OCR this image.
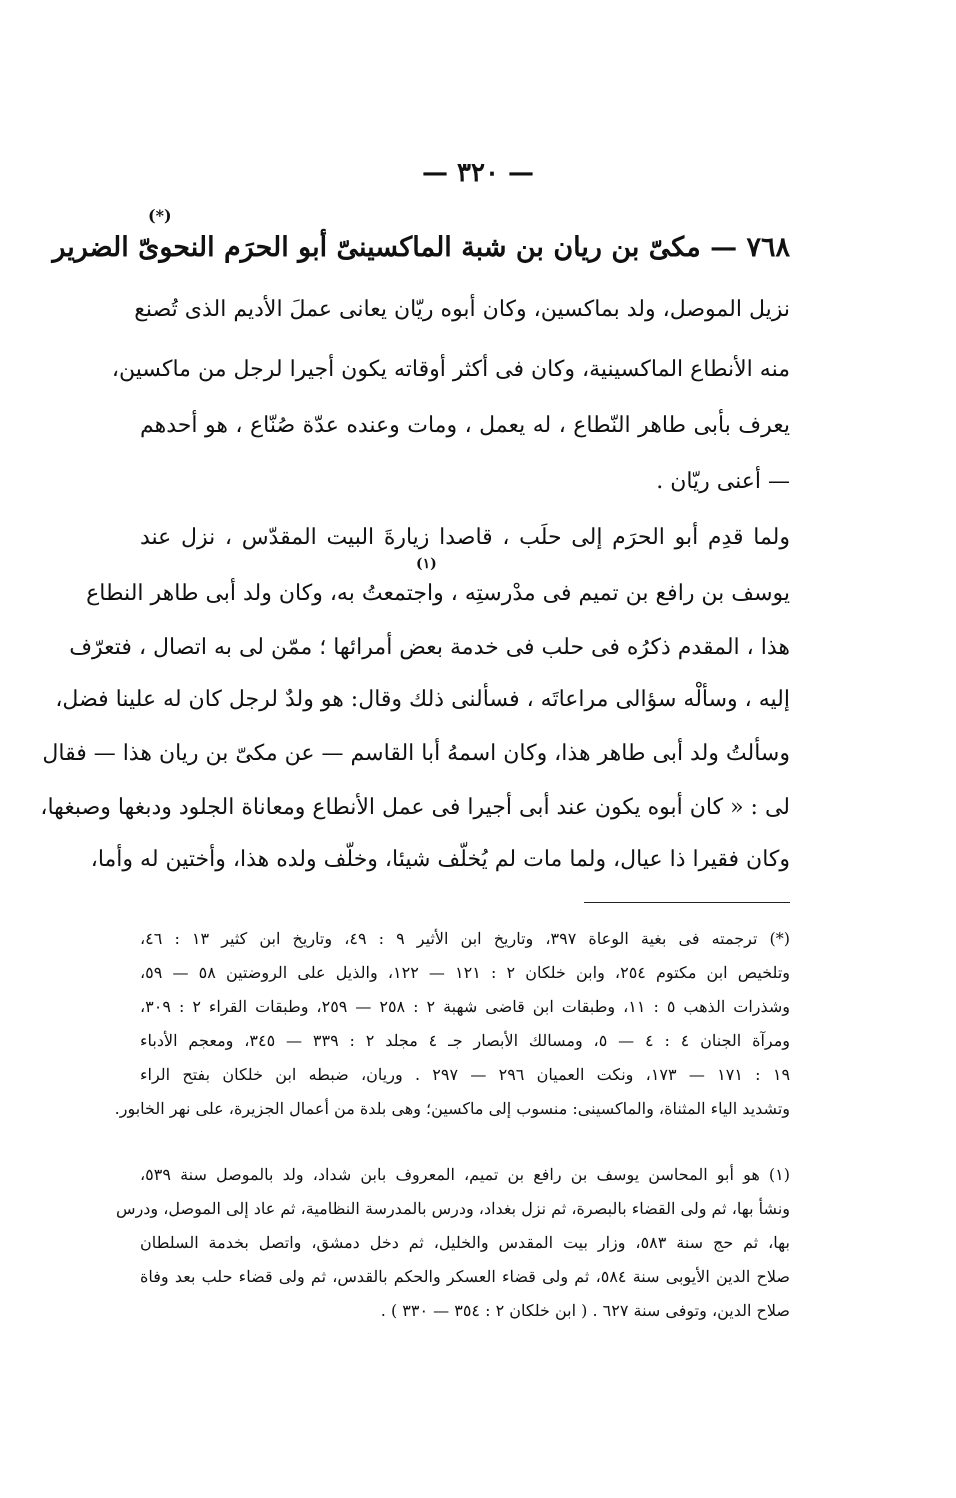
— ٣٢٠ —
(*)
٧٦٨ — مكىّ بن ريان بن شبة الماكسينىّ أبو الحرَم النحوىّ الضرير
نزيل الموصل، ولد بماكسين، وكان أبوه ريّان يعانى عملَ الأديم الذى تُصنع
منه الأنطاع الماكسينية، وكان فى أكثر أوقاته يكون أجيرا لرجل من ماكسين،
يعرف بأبى طاهر النّطاع ، له يعمل ، ومات وعنده عدّة صُنّاع ، هو أحدهم
— أعنى ريّان .
ولما قدِم أبو الحرَم إلى حلَب ، قاصدا زيارةَ البيت المقدّس ، نزل عند
(١)
يوسف بن رافع بن تميم فى مدْرستِه ، واجتمعتُ به، وكان ولد أبى طاهر النطاع
هذا ، المقدم ذكرُه فى حلب فى خدمة بعض أمرائها ؛ ممّن لى به اتصال ، فتعرّف
إليه ، وسألْه سؤالى مراعاتَه ، فسألنى ذلك وقال: هو ولدٌ لرجل كان له علينا فضل،
وسألتُ ولد أبى طاهر هذا، وكان اسمهُ أبا القاسم — عن مكىّ بن ريان هذا — فقال
لى : « كان أبوه يكون عند أبى أجيرا فى عمل الأنطاع ومعاناة الجلود ودبغها وصبغها،
وكان فقيرا ذا عيال، ولما مات لم يُخلّف شيئا، وخلّف ولده هذا، وأختين له وأما،
(*) ترجمته فى بغية الوعاة ٣٩٧، وتاريخ ابن الأثير ٩ : ٤٩، وتاريخ ابن كثير ١٣ : ٤٦،
وتلخيص ابن مكتوم ٢٥٤، وابن خلكان ٢ : ١٢١ — ١٢٢، والذيل على الروضتين ٥٨ — ٥٩،
وشذرات الذهب ٥ : ١١، وطبقات ابن قاضى شهبة ٢ : ٢٥٨ — ٢٥٩، وطبقات القراء ٢ : ٣٠٩،
ومرآة الجنان ٤ : ٤ — ٥، ومسالك الأبصار جـ ٤ مجلد ٢ : ٣٣٩ — ٣٤٥، ومعجم الأدباء
١٩ : ١٧١ — ١٧٣، ونكت العميان ٢٩٦ — ٢٩٧ . وريان، ضبطه ابن خلكان بفتح الراء
وتشديد الياء المثناة، والماكسينى: منسوب إلى ماكسين؛ وهى بلدة من أعمال الجزيرة، على نهر الخابور.
(١) هو أبو المحاسن يوسف بن رافع بن تميم، المعروف بابن شداد، ولد بالموصل سنة ٥٣٩،
ونشأ بها، ثم ولى القضاء بالبصرة، ثم نزل بغداد، ودرس بالمدرسة النظامية، ثم عاد إلى الموصل، ودرس
بها، ثم حج سنة ٥٨٣، وزار بيت المقدس والخليل، ثم دخل دمشق، واتصل بخدمة السلطان
صلاح الدين الأيوبى سنة ٥٨٤، ثم ولى قضاء العسكر والحكم بالقدس، ثم ولى قضاء حلب بعد وفاة
صلاح الدين، وتوفى سنة ٦٢٧ . ( ابن خلكان ٢ : ٣٥٤ — ٣٣٠ ) .
